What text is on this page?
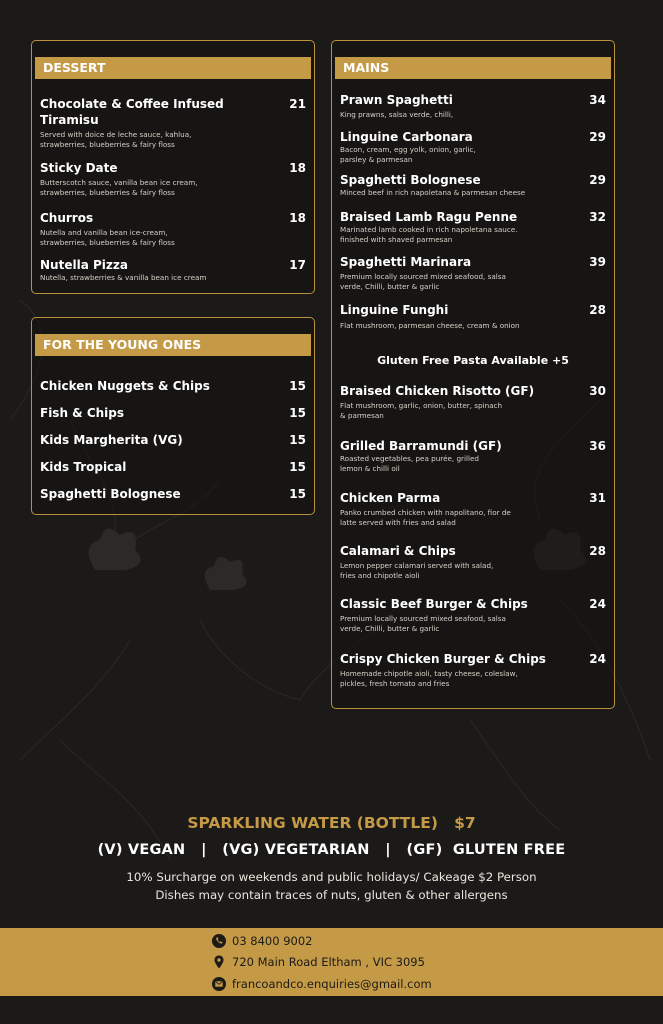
DESSERT
Chocolate & Coffee Infused
Tiramisu
21
Served with doice de leche sauce, kahlua,
strawberries, blueberries & fairy floss
Sticky Date	18
Butterscotch sauce, vanilla bean ice cream,
strawberries, blueberries & fairy floss
Churros	18
Nutella and vanilla bean ice-cream,
strawberries, blueberries & fairy floss
Nutella Pizza	17
Nutella, strawberries & vanilla bean ice cream
FOR THE YOUNG ONES
Chicken Nuggets & Chips	15
Fish & Chips	15
Kids Margherita (VG)	15
Kids Tropical	15
Spaghetti Bolognese	15
MAINS
Prawn Spaghetti	34
King prawns, salsa verde, chilli,
Linguine Carbonara	29
Bacon, cream, egg yolk, onion, garlic,
parsley & parmesan
Spaghetti Bolognese	29
Minced beef in rich napoletana & parmesan cheese
Braised Lamb Ragu Penne	32
Marinated lamb cooked in rich napoletana sauce.
finished with shaved parmesan
Spaghetti Marinara	39
Premium locally sourced mixed seafood, salsa
verde, Chilli, butter & garlic
Linguine Funghi	28
Flat mushroom, parmesan cheese, cream & onion
Gluten Free Pasta Available +5
Braised Chicken Risotto (GF)	30
Flat mushroom, garlic, onion, butter, spinach
& parmesan
Grilled Barramundi (GF)	36
Roasted vegetables, pea purée, grilled
lemon & chilli oil
Chicken Parma	31
Panko crumbed chicken with napolitano, fior de
latte served with fries and salad
Calamari & Chips	28
Lemon pepper calamari served with salad,
fries and chipotle aioli
Classic Beef Burger & Chips	24
Premium locally sourced mixed seafood, salsa
verde, Chilli, butter & garlic
Crispy Chicken Burger & Chips	24
Homemade chipotle aioli, tasty cheese, coleslaw,
pickles, fresh tomato and fries
SPARKLING WATER (BOTTLE)   $7
(V) VEGAN   |   (VG) VEGETARIAN   |   (GF)  GLUTEN FREE
10% Surcharge on weekends and public holidays/ Cakeage $2 Person
Dishes may contain traces of nuts, gluten & other allergens
03 8400 9002
720 Main Road Eltham , VIC 3095
francoandco.enquiries@gmail.com
